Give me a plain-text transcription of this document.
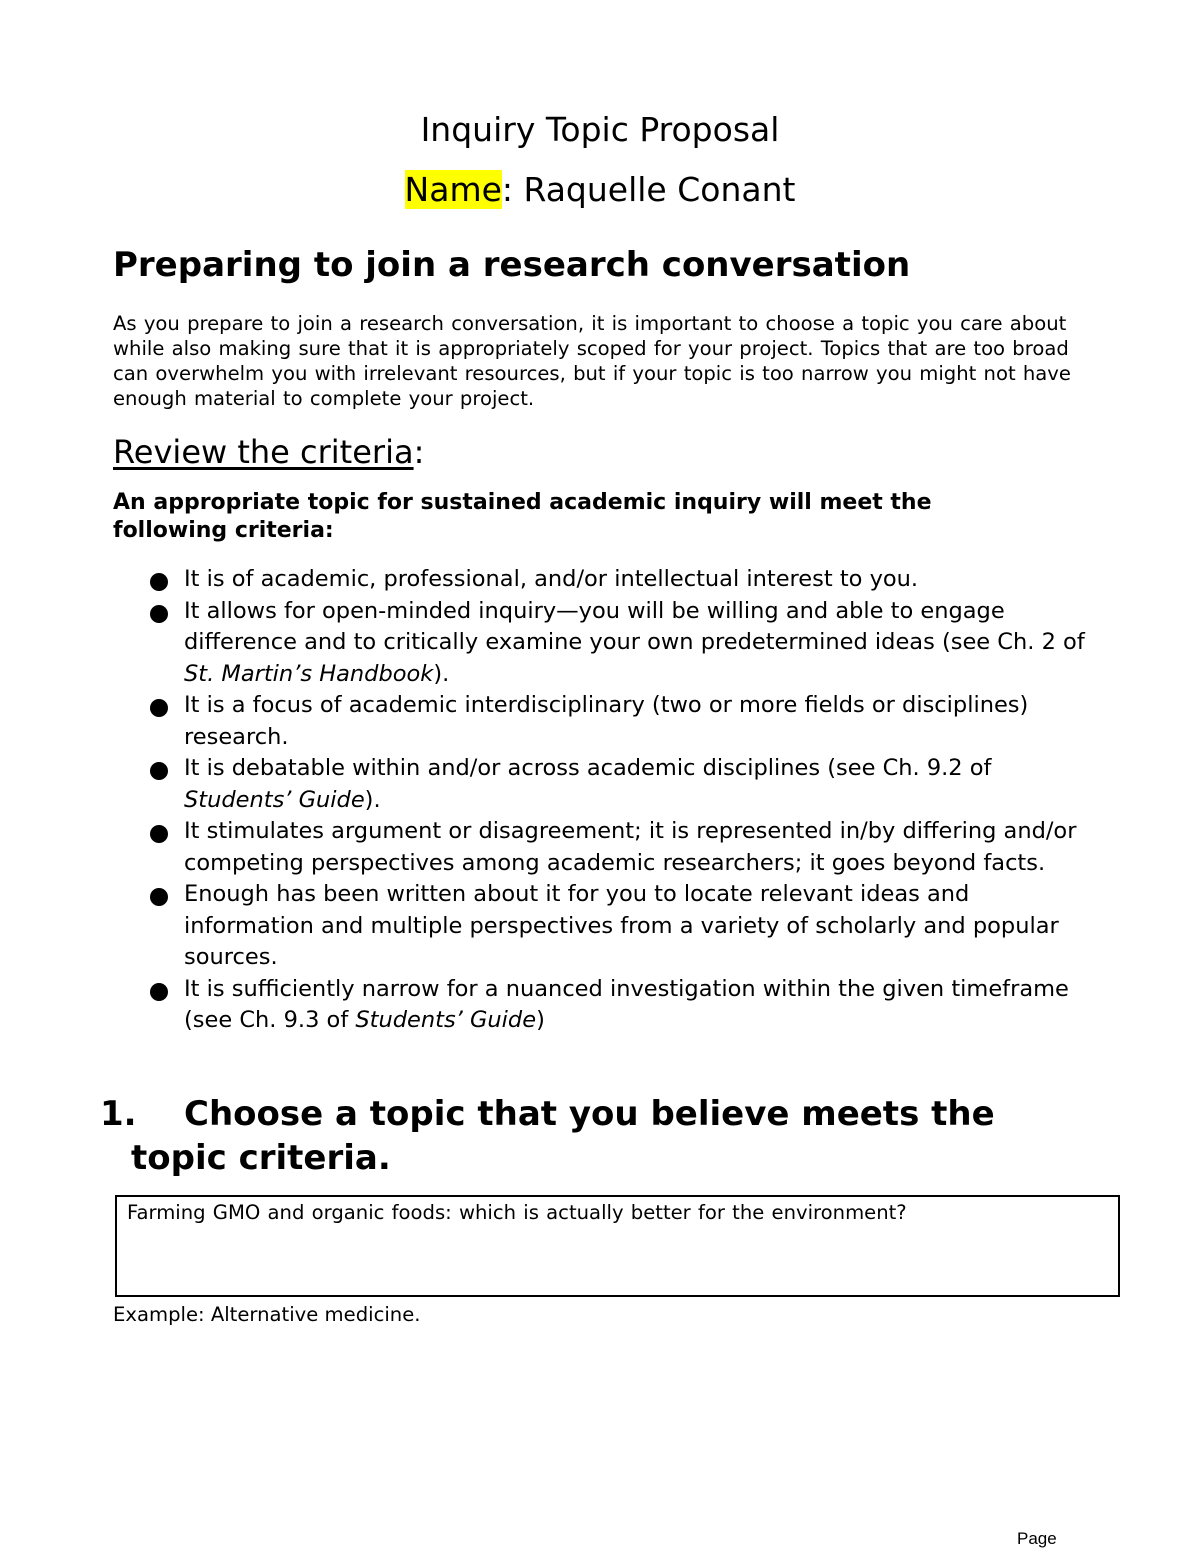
Inquiry Topic Proposal
Name: Raquelle Conant
Preparing to join a research conversation

As you prepare to join a research conversation, it is important to choose a topic you care about while also making sure that it is appropriately scoped for your project. Topics that are too broad can overwhelm you with irrelevant resources, but if your topic is too narrow you might not have enough material to complete your project.

Review the criteria:

An appropriate topic for sustained academic inquiry will meet the following criteria:

It is of academic, professional, and/or intellectual interest to you.
It allows for open-minded inquiry—you will be willing and able to engage difference and to critically examine your own predetermined ideas (see Ch. 2 of St. Martin’s Handbook).
It is a focus of academic interdisciplinary (two or more fields or disciplines) research.
It is debatable within and/or across academic disciplines (see Ch. 9.2 of Students’ Guide).
It stimulates argument or disagreement; it is represented in/by differing and/or competing perspectives among academic researchers; it goes beyond facts.
Enough has been written about it for you to locate relevant ideas and information and multiple perspectives from a variety of scholarly and popular sources.
It is sufficiently narrow for a nuanced investigation within the given timeframe (see Ch. 9.3 of Students’ Guide)
1. Choose a topic that you believe meets the
topic criteria.
Farming GMO and organic foods: which is actually better for the environment?
Example: Alternative medicine.
Page
